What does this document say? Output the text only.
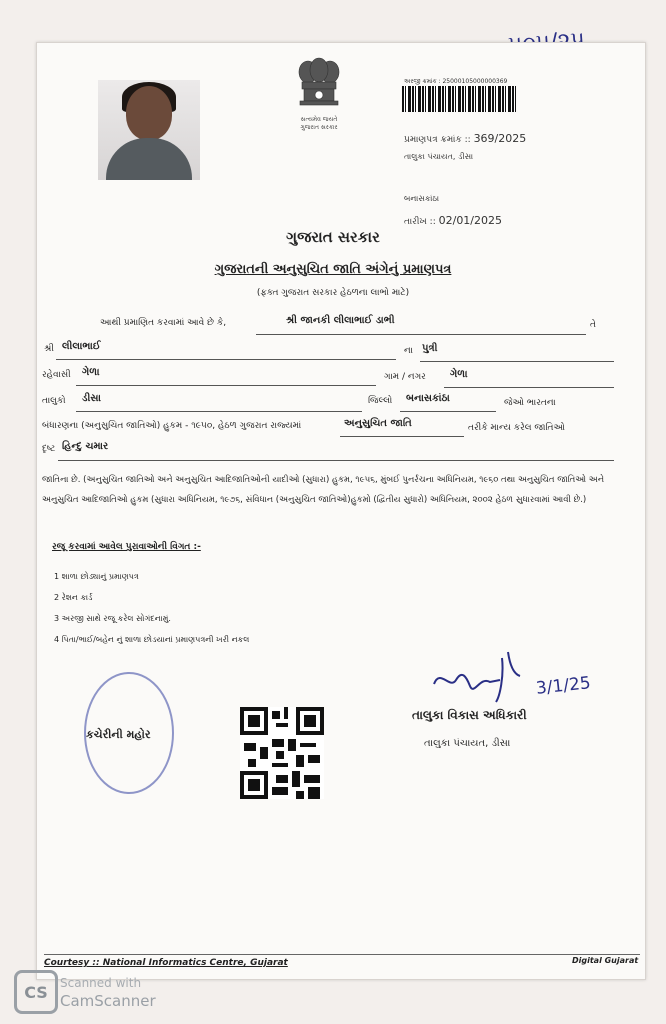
સત્યમેવ જયતે
ગુજરાત સરકાર
અરજી ક્રમાંક : 25000105000000369
પ્રમાણપત્ર ક્રમાંક :: 369/2025
તાલુકા પંચાયત, ડીસા
બનાસકાંઠા
તારીખ :: 02/01/2025
ગુજરાત સરકાર
ગુજરાતની અનુસુચિત જાતિ અંગેનું પ્રમાણપત્ર
(ફક્ત ગુજરાત સરકાર હેઠળના લાભો માટે)
આથી પ્રમાણિત કરવામાં આવે છે કે,	શ્રી જાનકી લીલાભાઈ ડાભી	તે
શ્રી લીલાભાઈ	ના પુત્રી
રહેવાસી ગેળા	ગામ / નગર ગેળા
તાલુકો ડીસા	જિલ્લો બનાસકાંઠા	જેઓ ભારતના
બંધારણના (અનુસુચિત જાતિઓ) હુકમ - ૧૯૫૦, હેઠળ ગુજરાત રાજ્યમાં	અનુસુચિત જાતિ	તરીકે માન્ય કરેલ જાતિઓ
દૃષ્ટ હિન્દુ ચમાર
જાતિના છે. (અનુસુચિત જાતિઓ અને અનુસુચિત આદિજાતિઓની યાદીઓ (સુધારા) હુકમ, ૧૯૫૬, મુંબઈ પુનર્રચના અધિનિયમ, ૧૯૬૦ તથા અનુસુચિત જાતિઓ અને અનુસુચિત આદિજાતિઓ હુકમ (સુધારા અધિનિયમ, ૧૯૭૬, સંવિધાન (અનુસુચિત જાતિઓ)હુકમો (દ્વિતીય સુધારો) અધિનિયમ, ૨૦૦૨ હેઠળ સુધારવામાં આવી છે.)
રજૂ કરવામાં આવેલ પુરાવાઓની વિગત :-
1 શાળા છોડ્યાનું પ્રમાણપત્ર
2 રેશન કાર્ડ
3 અરજી સાથે રજૂ કરેલ સોગંદનામું.
4 પિતા/ભાઈ/બહેન નું શાળા છોડયાનાં પ્રમાણપત્રની ખરી નકલ
કચેરીની મહોર
3/1/25
તાલુકા વિકાસ અધિકારી
તાલુકા પંચાયત, ડીસા
Courtesy :: National Informatics Centre, Gujarat	Digital Gujarat
CS	Scanned with
CamScanner
